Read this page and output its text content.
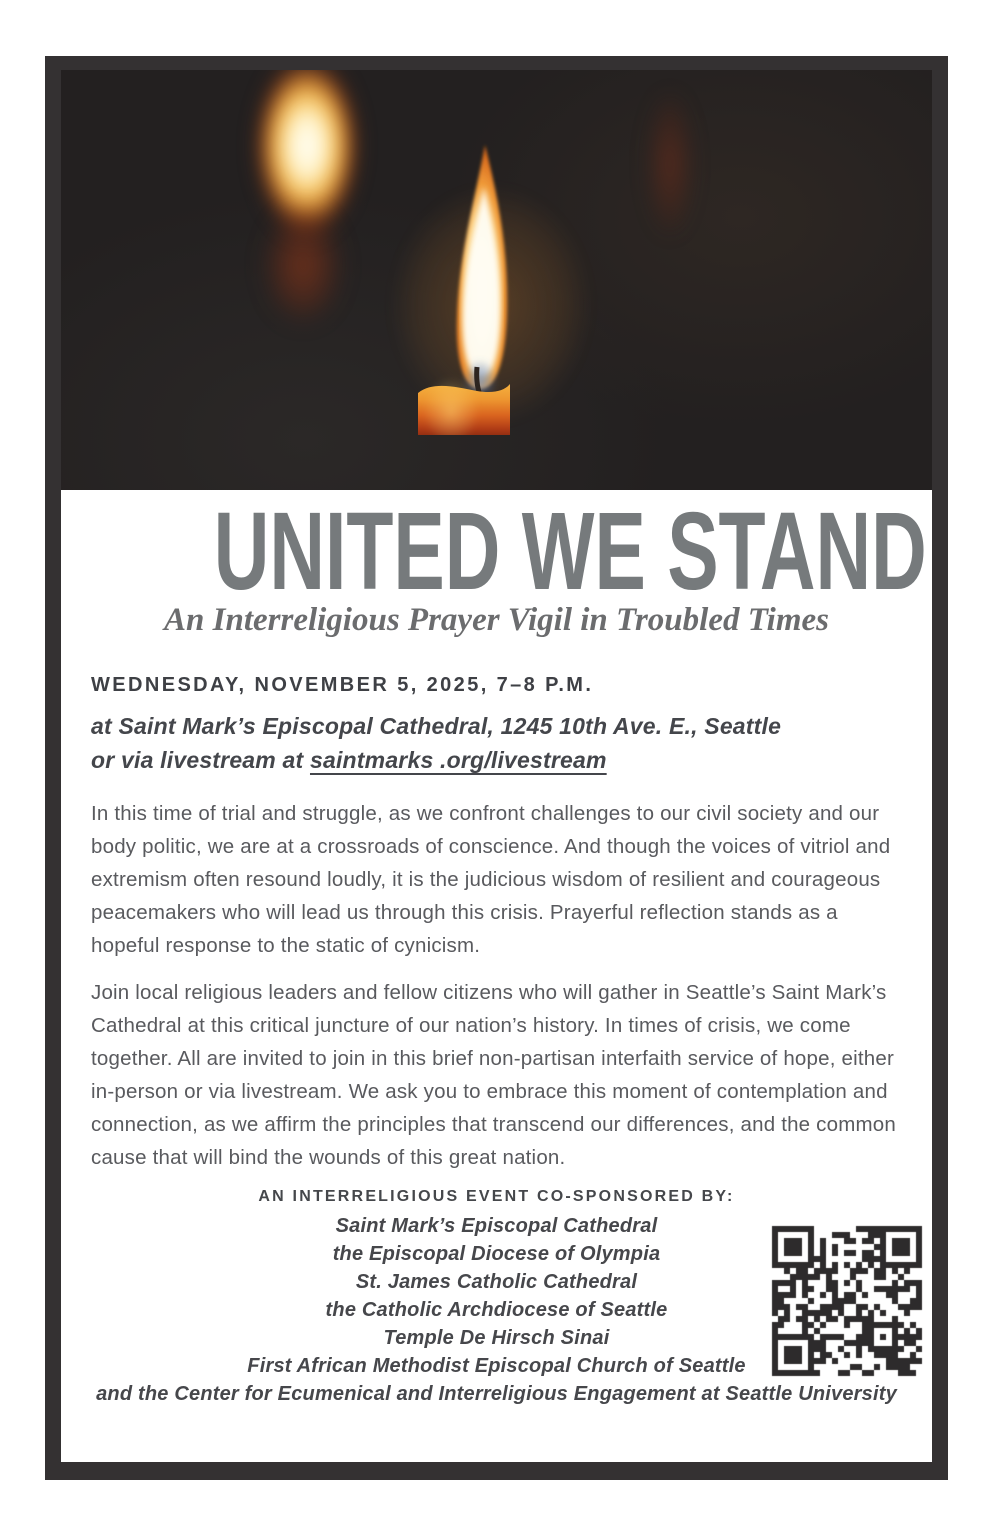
UNITED WE STAND
An Interreligious Prayer Vigil in Troubled Times
WEDNESDAY, NOVEMBER 5, 2025, 7–8 P.M.
at Saint Mark’s Episcopal Cathedral, 1245 10th Ave. E., Seattle
or via livestream at saintmarks .org/livestream

In this time of trial and struggle, as we confront challenges to our civil society and our body politic, we are at a crossroads of conscience. And though the voices of vitriol and extremism often resound loudly, it is the judicious wisdom of resilient and courageous peacemakers who will lead us through this crisis. Prayerful reflection stands as a hopeful response to the static of cynicism.

Join local religious leaders and fellow citizens who will gather in Seattle’s Saint Mark’s Cathedral at this critical juncture of our nation’s history. In times of crisis, we come together. All are invited to join in this brief non-partisan interfaith service of hope, either in-person or via livestream. We ask you to embrace this moment of contemplation and connection, as we affirm the principles that transcend our differences, and the common cause that will bind the wounds of this great nation.

AN INTERRELIGIOUS EVENT CO-SPONSORED BY:
Saint Mark’s Episcopal Cathedral
the Episcopal Diocese of Olympia
St. James Catholic Cathedral
the Catholic Archdiocese of Seattle
Temple De Hirsch Sinai
First African Methodist Episcopal Church of Seattle
and the Center for Ecumenical and Interreligious Engagement at Seattle University
